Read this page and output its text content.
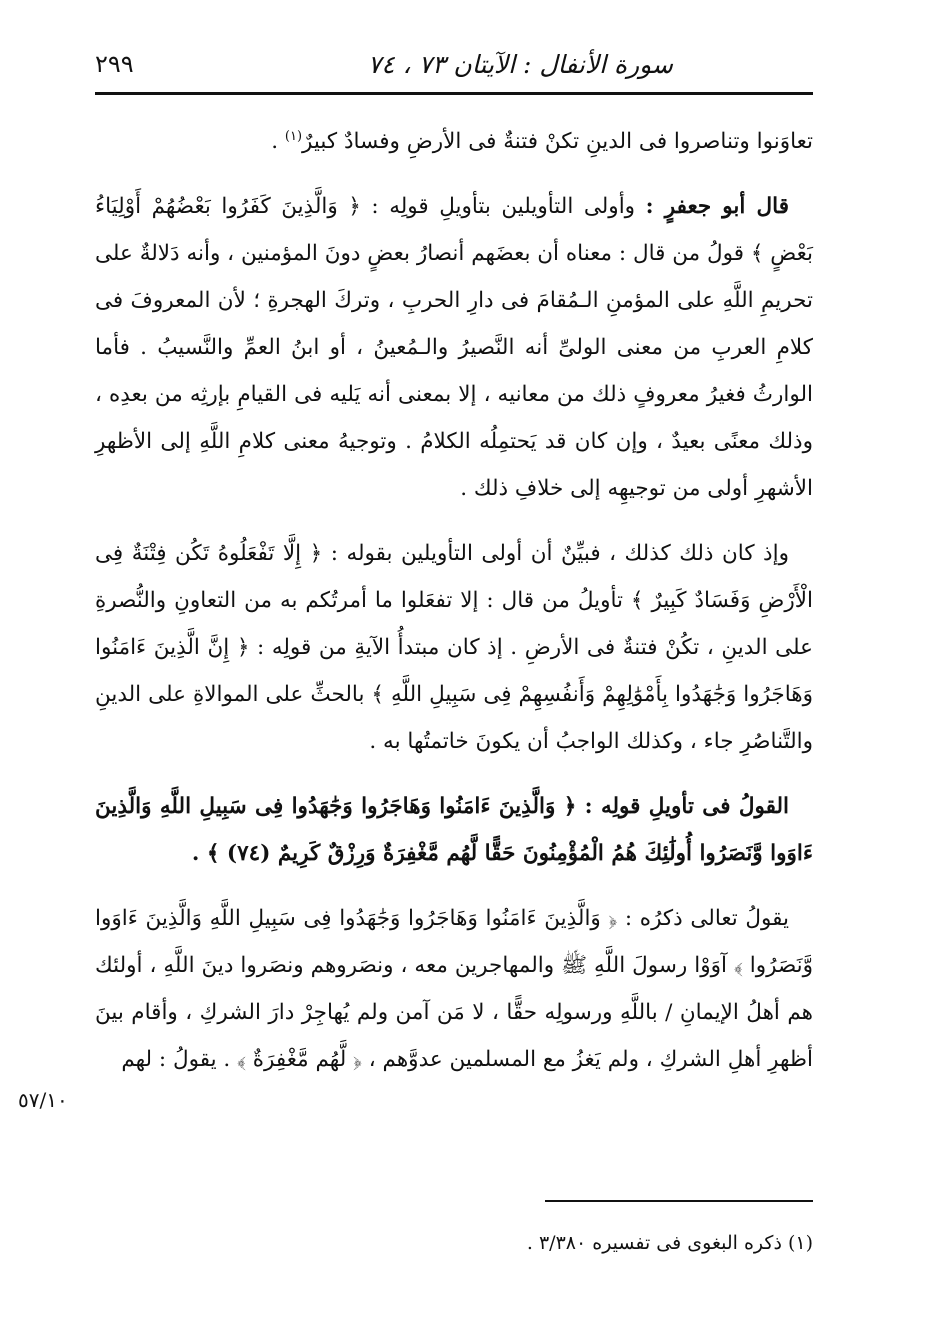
سورة الأنفال : الآيتان ٧٣ ، ٧٤
٢٩٩

تعاوَنوا وتناصروا فى الدينِ تكنْ فتنةٌ فى الأرضِ وفسادٌ كبيرٌ$^{(١)}$ .

قال أبو جعفرٍ : وأولى التأويلين بتأويلِ قولِه : ﴿ وَالَّذِينَ كَفَرُوا بَعْضُهُمْ أَوْلِيَاءُ بَعْضٍ ﴾ قولُ من قال : معناه أن بعضَهم أنصارُ بعضٍ دونَ المؤمنين ، وأنه دَلالةٌ على تحريمِ اللَّهِ على المؤمنِ الـمُقامَ فى دارِ الحربِ ، وتركَ الهجرةِ ؛ لأن المعروفَ فى كلامِ العربِ من معنى الولىِّ أنه النَّصيرُ والـمُعينُ ، أو ابنُ العمِّ والنَّسيبُ . فأما الوارثُ فغيرُ معروفٍ ذلك من معانيه ، إلا بمعنى أنه يَليه فى القيامِ بإرثِه من بعدِه ، وذلك معنًى بعيدٌ ، وإن كان قد يَحتمِلُه الكلامُ . وتوجيهُ معنى كلامِ اللَّهِ إلى الأظهرِ الأشهرِ أولى من توجيهِه إلى خلافِ ذلك .

وإذ كان ذلك كذلك ، فبيِّنٌ أن أولى التأويلين بقوله : ﴿ إِلَّا تَفْعَلُوهُ تَكُن فِتْنَةٌ فِى الْأَرْضِ وَفَسَادٌ كَبِيرٌ ﴾ تأويلُ من قال : إلا تفعَلوا ما أمرتُكم به من التعاونِ والنُّصرةِ على الدينِ ، تكُنْ فتنةٌ فى الأرضِ . إذ كان مبتدأُ الآيةِ من قولِه : ﴿ إِنَّ الَّذِينَ ءَامَنُوا وَهَاجَرُوا وَجَٰهَدُوا بِأَمْوَٰلِهِمْ وَأَنفُسِهِمْ فِى سَبِيلِ اللَّهِ ﴾ بالحثِّ على الموالاةِ على الدينِ والتَّناصُرِ جاء ، وكذلك الواجبُ أن يكونَ خاتمتُها به .

القولُ فى تأويلِ قولِه : ﴿ وَالَّذِينَ ءَامَنُوا وَهَاجَرُوا وَجَٰهَدُوا فِى سَبِيلِ اللَّهِ وَالَّذِينَ ءَاوَوا وَّنَصَرُوا أُولَٰئِكَ هُمُ الْمُؤْمِنُونَ حَقًّا لَّهُم مَّغْفِرَةٌ وَرِزْقٌ كَرِيمٌ (٧٤) ﴾ .

يقولُ تعالى ذكرُه : ﴿ وَالَّذِينَ ءَامَنُوا وَهَاجَرُوا وَجَٰهَدُوا فِى سَبِيلِ اللَّهِ وَالَّذِينَ ءَاوَوا وَّنَصَرُوا ﴾ آوَوْا رسولَ اللَّهِ ﷺ والمهاجرين معه ، ونصَروهم ونصَروا دينَ اللَّهِ ، أولئك هم أهلُ الإيمانِ / باللَّهِ ورسولِه حقًّا ، لا مَن آمن ولم يُهاجِرْ دارَ الشركِ ، وأقام بينَ أظهرِ أهلِ الشركِ ، ولم يَغزُ مع المسلمين عدوَّهم ، ﴿ لَّهُم مَّغْفِرَةٌ ﴾ . يقولُ : لهم

٥٧/١٠
(١) ذكره البغوى فى تفسيره ٣/٣٨٠ .
